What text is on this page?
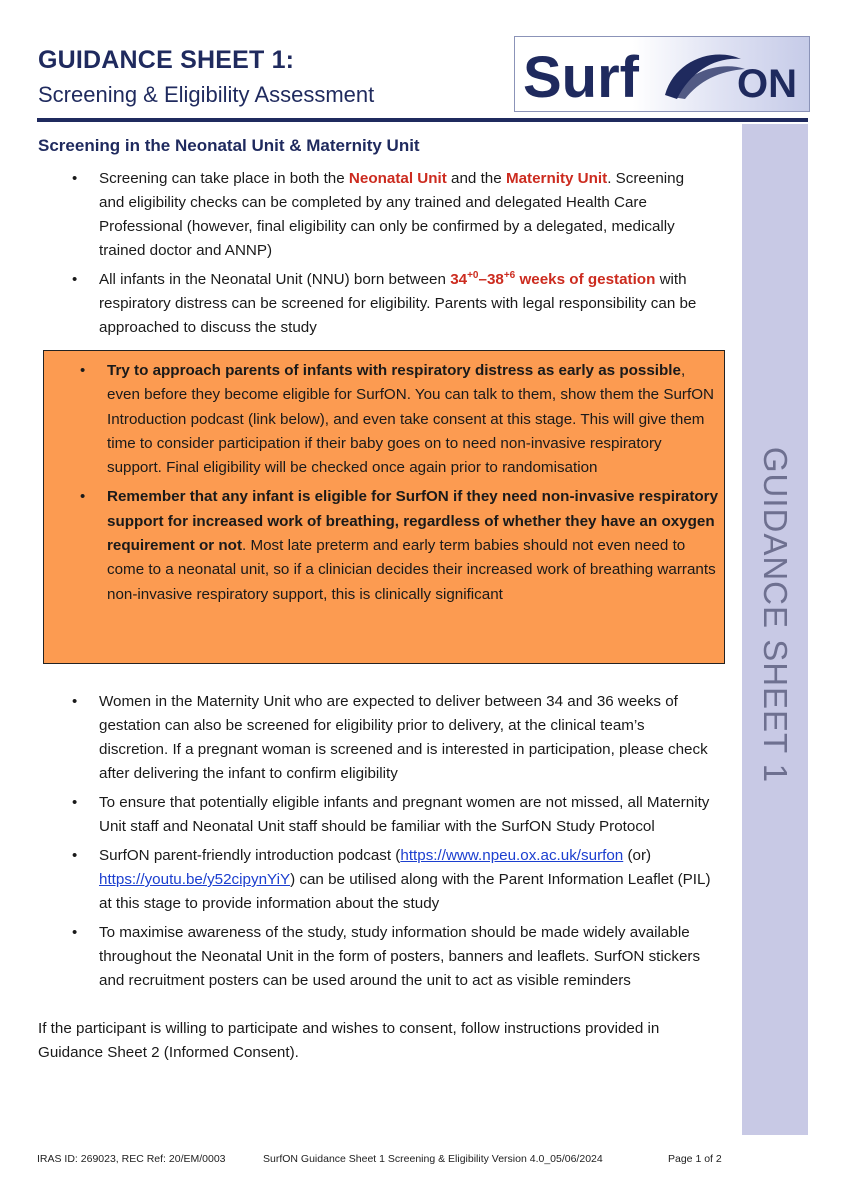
GUIDANCE SHEET 1:
Screening & Eligibility Assessment	Surf ON
GUIDANCE SHEET 1
Screening in the Neonatal Unit & Maternity Unit
• Screening can take place in both the Neonatal Unit and the Maternity Unit. Screening and eligibility checks can be completed by any trained and delegated Health Care Professional (however, final eligibility can only be confirmed by a delegated, medically trained doctor and ANNP)
• All infants in the Neonatal Unit (NNU) born between $34^{+0}-38^{+6}$ weeks of gestation with respiratory distress can be screened for eligibility. Parents with legal responsibility can be approached to discuss the study
• Try to approach parents of infants with respiratory distress as early as possible, even before they become eligible for SurfON. You can talk to them, show them the SurfON Introduction podcast (link below), and even take consent at this stage. This will give them time to consider participation if their baby goes on to need non-invasive respiratory support. Final eligibility will be checked once again prior to randomisation
• Remember that any infant is eligible for SurfON if they need non-invasive respiratory support for increased work of breathing, regardless of whether they have an oxygen requirement or not. Most late preterm and early term babies should not even need to come to a neonatal unit, so if a clinician decides their increased work of breathing warrants non-invasive respiratory support, this is clinically significant
• Women in the Maternity Unit who are expected to deliver between 34 and 36 weeks of gestation can also be screened for eligibility prior to delivery, at the clinical team’s discretion. If a pregnant woman is screened and is interested in participation, please check after delivering the infant to confirm eligibility
• To ensure that potentially eligible infants and pregnant women are not missed, all Maternity Unit staff and Neonatal Unit staff should be familiar with the SurfON Study Protocol
• SurfON parent-friendly introduction podcast (https://www.npeu.ox.ac.uk/surfon (or) https://youtu.be/y52cipynYiY) can be utilised along with the Parent Information Leaflet (PIL) at this stage to provide information about the study
• To maximise awareness of the study, study information should be made widely available throughout the Neonatal Unit in the form of posters, banners and leaflets. SurfON stickers and recruitment posters can be used around the unit to act as visible reminders
If the participant is willing to participate and wishes to consent, follow instructions provided in Guidance Sheet 2 (Informed Consent).
IRAS ID: 269023, REC Ref: 20/EM/0003	SurfON Guidance Sheet 1 Screening & Eligibility Version 4.0_05/06/2024	Page 1 of 2
